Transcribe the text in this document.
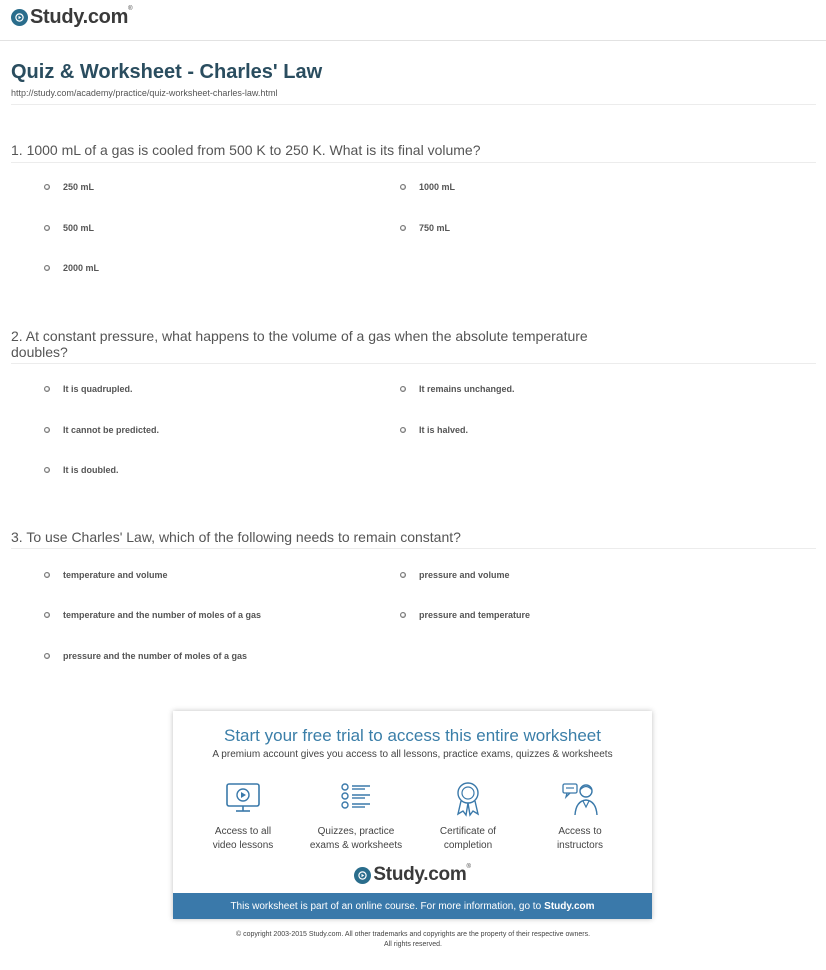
Study.com®
Quiz & Worksheet - Charles' Law
http://study.com/academy/practice/quiz-worksheet-charles-law.html
1. 1000 mL of a gas is cooled from 500 K to 250 K. What is its final volume?
250 mL	1000 mL
500 mL	750 mL
2000 mL
2. At constant pressure, what happens to the volume of a gas when the absolute temperature doubles?
It is quadrupled.	It remains unchanged.
It cannot be predicted.	It is halved.
It is doubled.
3. To use Charles' Law, which of the following needs to remain constant?
temperature and volume	pressure and volume
temperature and the number of moles of a gas	pressure and temperature
pressure and the number of moles of a gas
Start your free trial to access this entire worksheet
A premium account gives you access to all lessons, practice exams, quizzes & worksheets
Access to all
video lessons
Quizzes, practice
exams & worksheets
Certificate of
completion
Access to
instructors
Study.com®
This worksheet is part of an online course. For more information, go to Study.com
© copyright 2003-2015 Study.com. All other trademarks and copyrights are the property of their respective owners.
All rights reserved.
